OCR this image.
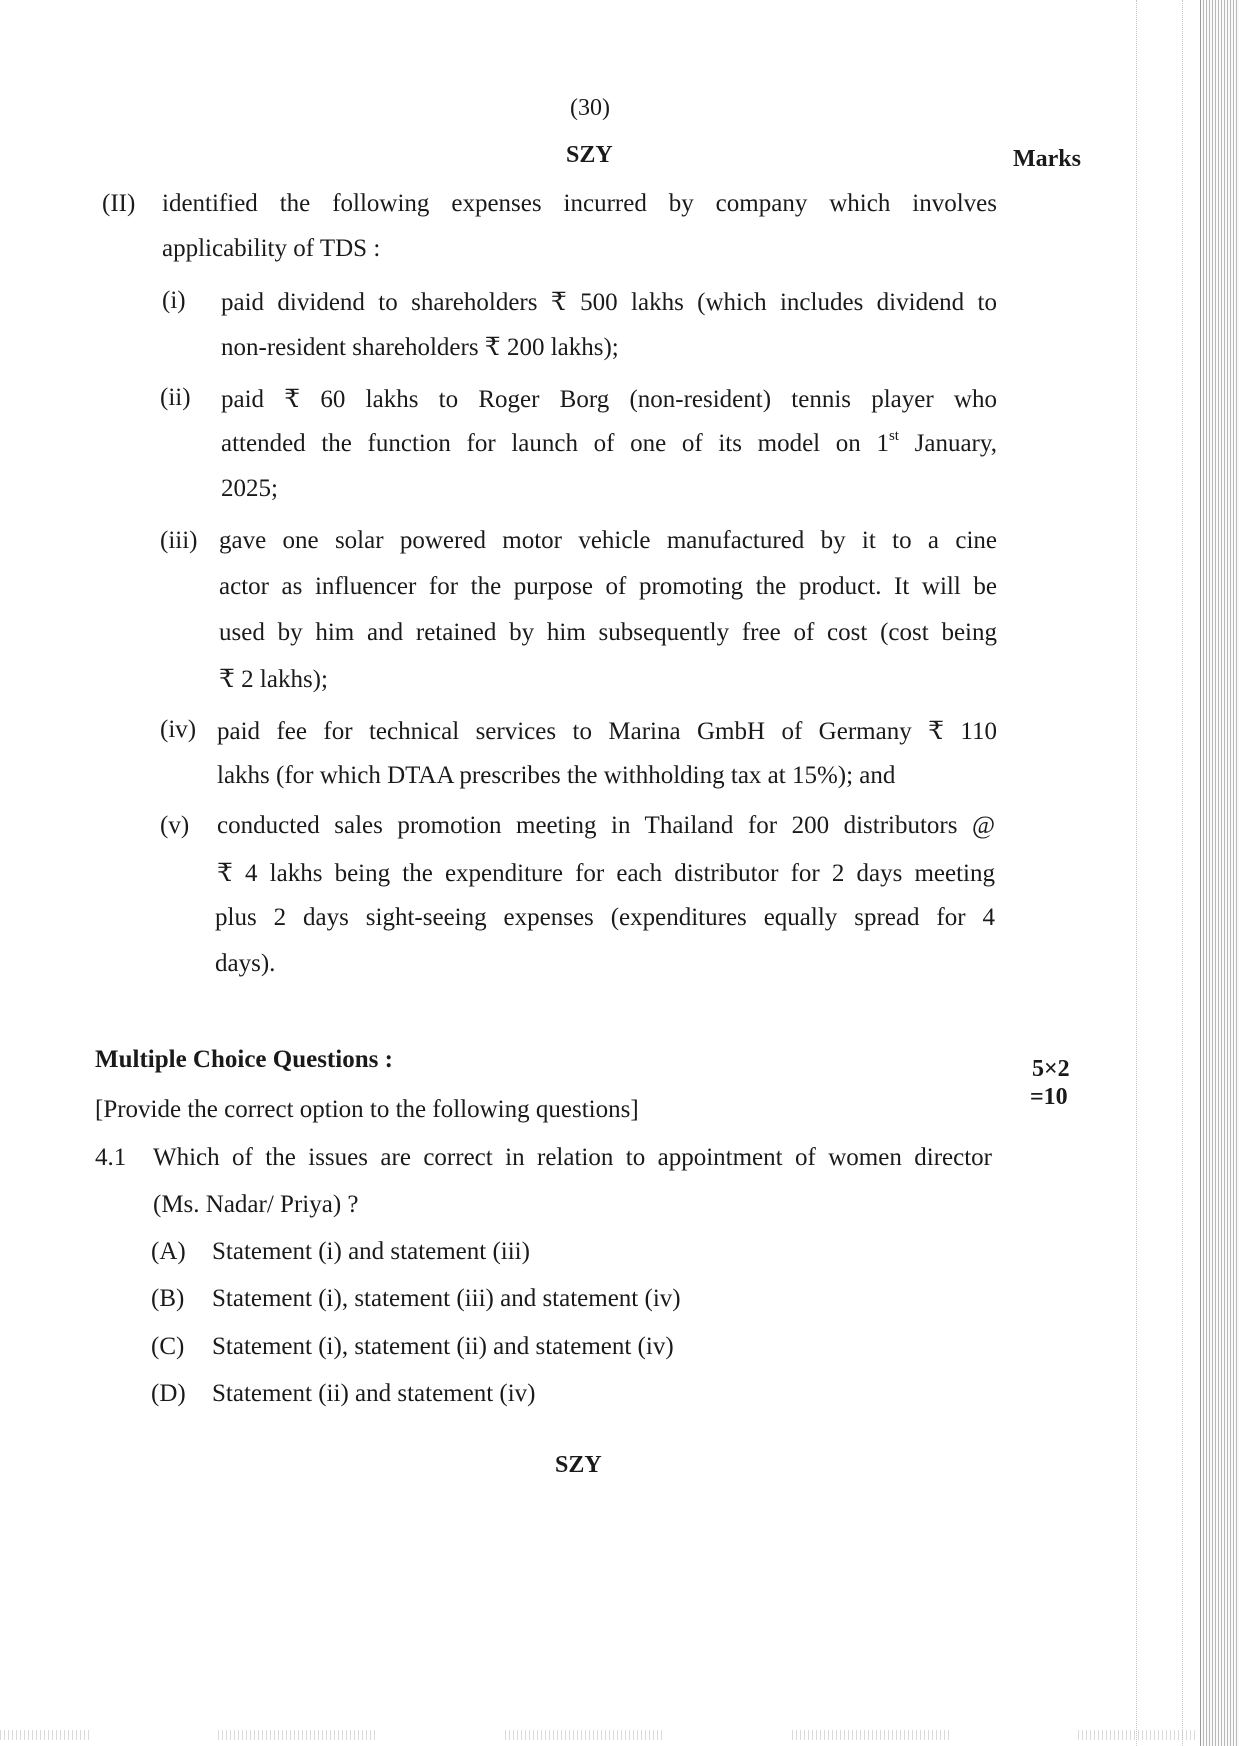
(30)
SZY	Marks
(II) identified the following expenses incurred by company which involves
applicability of TDS :
(i) paid dividend to shareholders ₹ 500 lakhs (which includes dividend to
non-resident shareholders ₹ 200 lakhs);
(ii) paid ₹ 60 lakhs to Roger Borg (non-resident) tennis player who
attended the function for launch of one of its model on 1st January,
2025;
(iii) gave one solar powered motor vehicle manufactured by it to a cine
actor as influencer for the purpose of promoting the product. It will be
used by him and retained by him subsequently free of cost (cost being
₹ 2 lakhs);
(iv) paid fee for technical services to Marina GmbH of Germany ₹ 110
lakhs (for which DTAA prescribes the withholding tax at 15%); and
(v) conducted sales promotion meeting in Thailand for 200 distributors @
₹ 4 lakhs being the expenditure for each distributor for 2 days meeting
plus 2 days sight-seeing expenses (expenditures equally spread for 4
days).
Multiple Choice Questions :
[Provide the correct option to the following questions]
5×2
=10
4.1 Which of the issues are correct in relation to appointment of women director
(Ms. Nadar/ Priya) ?
(A) Statement (i) and statement (iii)
(B) Statement (i), statement (iii) and statement (iv)
(C) Statement (i), statement (ii) and statement (iv)
(D) Statement (ii) and statement (iv)
SZY
